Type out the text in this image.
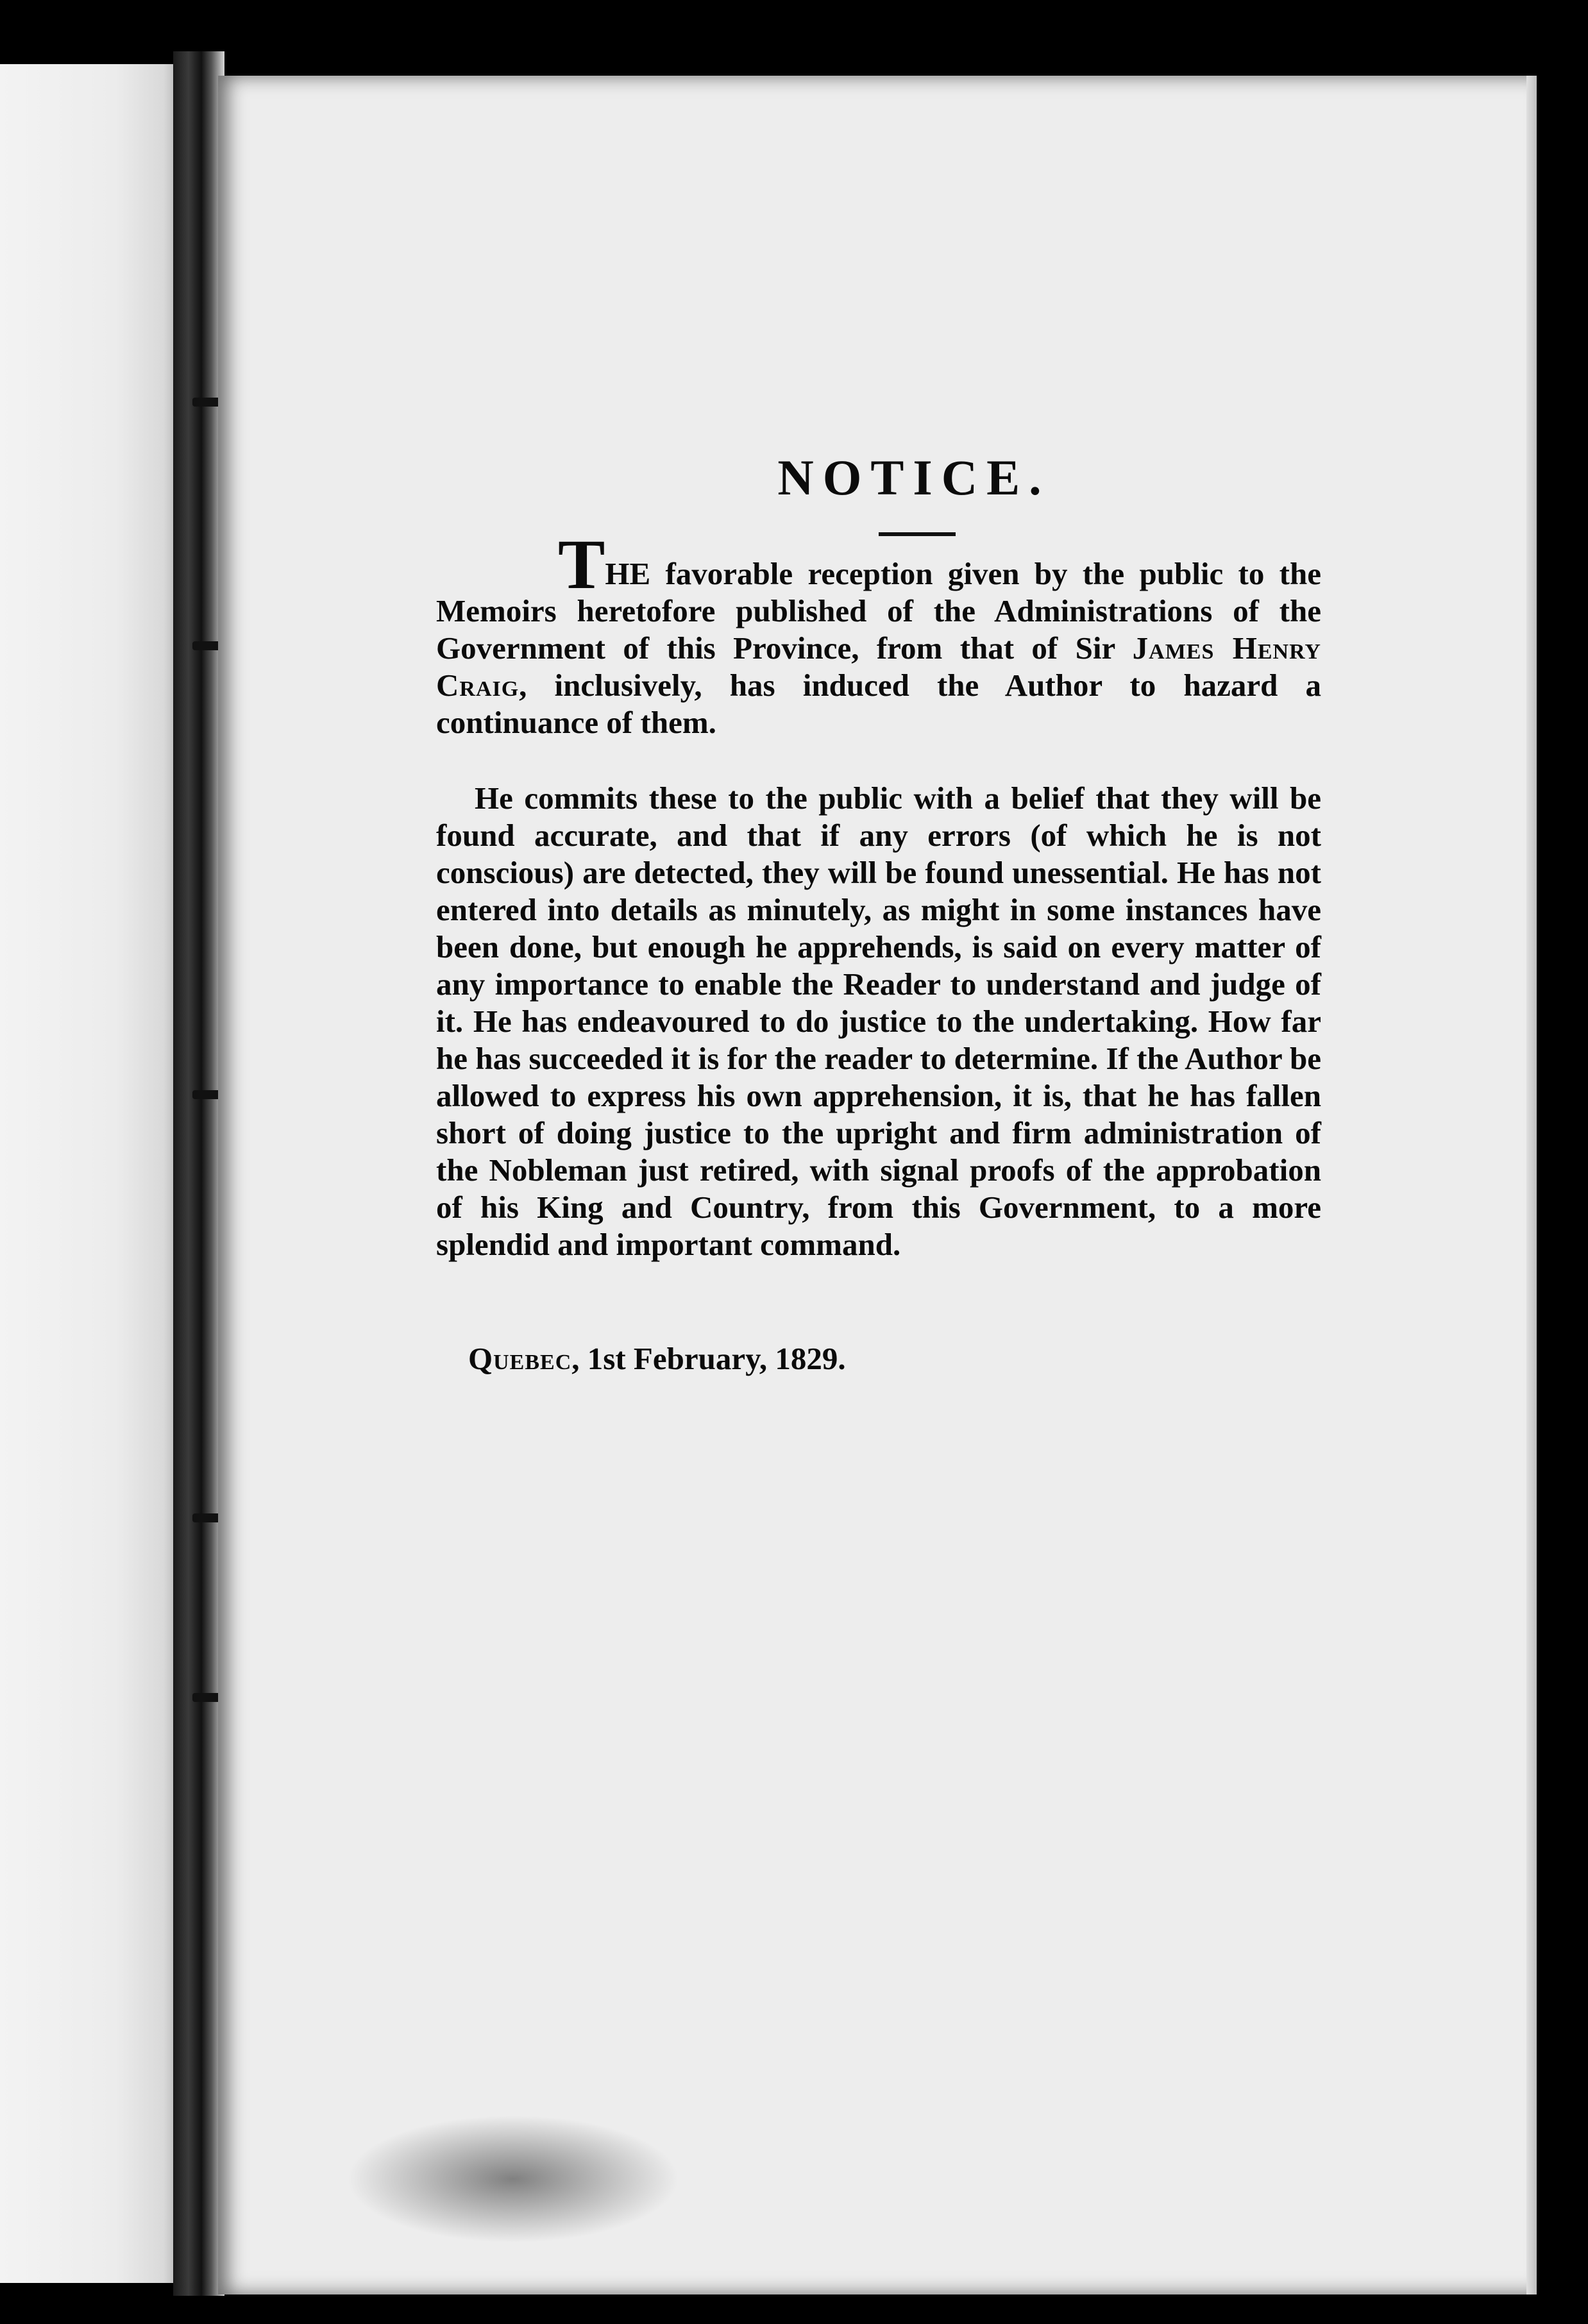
NOTICE.

THE favorable reception given by the public to the Memoirs heretofore published of the Administrations of the Government of this Province, from that of Sir James Henry Craig, inclusively, has induced the Author to hazard a continuance of them.

He commits these to the public with a belief that they will be found accurate, and that if any errors (of which he is not conscious) are detected, they will be found unessential. He has not entered into details as minutely, as might in some instances have been done, but enough he apprehends, is said on every matter of any importance to enable the Reader to understand and judge of it. He has endeavoured to do justice to the undertaking. How far he has succeeded it is for the reader to determine. If the Author be allowed to express his own apprehension, it is, that he has fallen short of doing justice to the upright and firm administration of the Nobleman just retired, with signal proofs of the approbation of his King and Country, from this Government, to a more splendid and important command.

Quebec, 1st February, 1829.
